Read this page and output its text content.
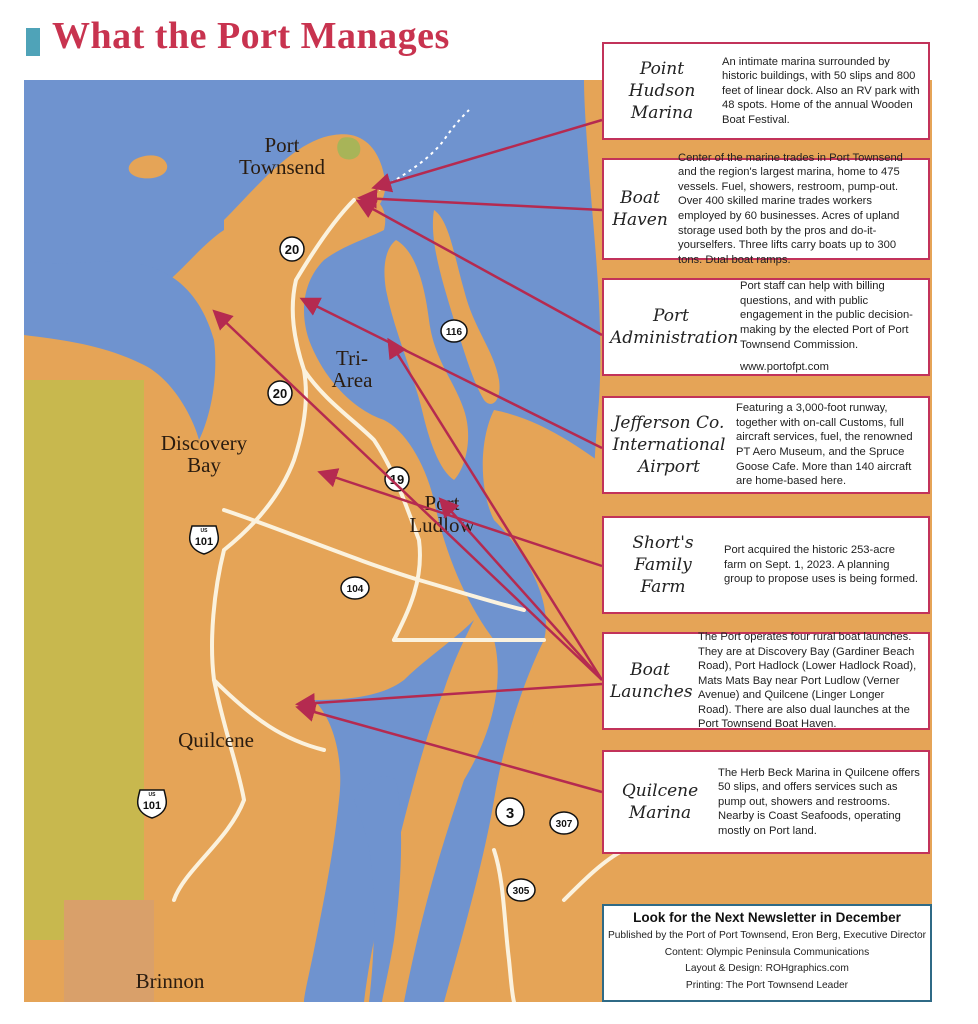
What the Port Manages
Port
Townsend
Tri-
Area
Discovery
Bay
Port
Ludlow
Quilcene
Brinnon
20
20
116
19
104
3
307
305
US
101
US
101
Point Hudson
Marina
An intimate marina surrounded by historic buildings, with 50 slips and 800 feet of linear dock. Also an RV park with 48 spots. Home of the annual Wooden Boat Festival.
Boat
Haven
Center of the marine trades in Port Townsend and the region's largest marina, home to 475 vessels. Fuel, showers, restroom, pump-out. Over 400 skilled marine trades workers employed by 60 businesses. Acres of upland storage used both by the pros and do-it-yourselfers. Three lifts carry boats up to 300 tons. Dual boat ramps.
Port
Administration
Port staff can help with billing questions, and with public engagement in the public decision-making by the elected Port of Port Townsend Commission.
www.portofpt.com
Jefferson Co.
International
Airport
Featuring a 3,000-foot runway, together with on-call Customs, full aircraft services, fuel, the renowned PT Aero Museum, and the Spruce Goose Cafe. More than 140 aircraft are home-based here.
Short's
Family
Farm
Port acquired the historic 253-acre farm on Sept. 1, 2023. A planning group to propose uses is being formed.
Boat
Launches
The Port operates four rural boat launches. They are at Discovery Bay (Gardiner Beach Road), Port Hadlock (Lower Hadlock Road), Mats Mats Bay near Port Ludlow (Verner Avenue) and Quilcene (Linger Longer Road). There are also dual launches at the Port Townsend Boat Haven.
Quilcene
Marina
The Herb Beck Marina in Quilcene offers 50 slips, and offers services such as pump out, showers and restrooms. Nearby is Coast Seafoods, operating mostly on Port land.
Look for the Next Newsletter in December
Published by the Port of Port Townsend, Eron Berg, Executive Director
Content: Olympic Peninsula Communications
Layout & Design: ROHgraphics.com
Printing: The Port Townsend Leader
